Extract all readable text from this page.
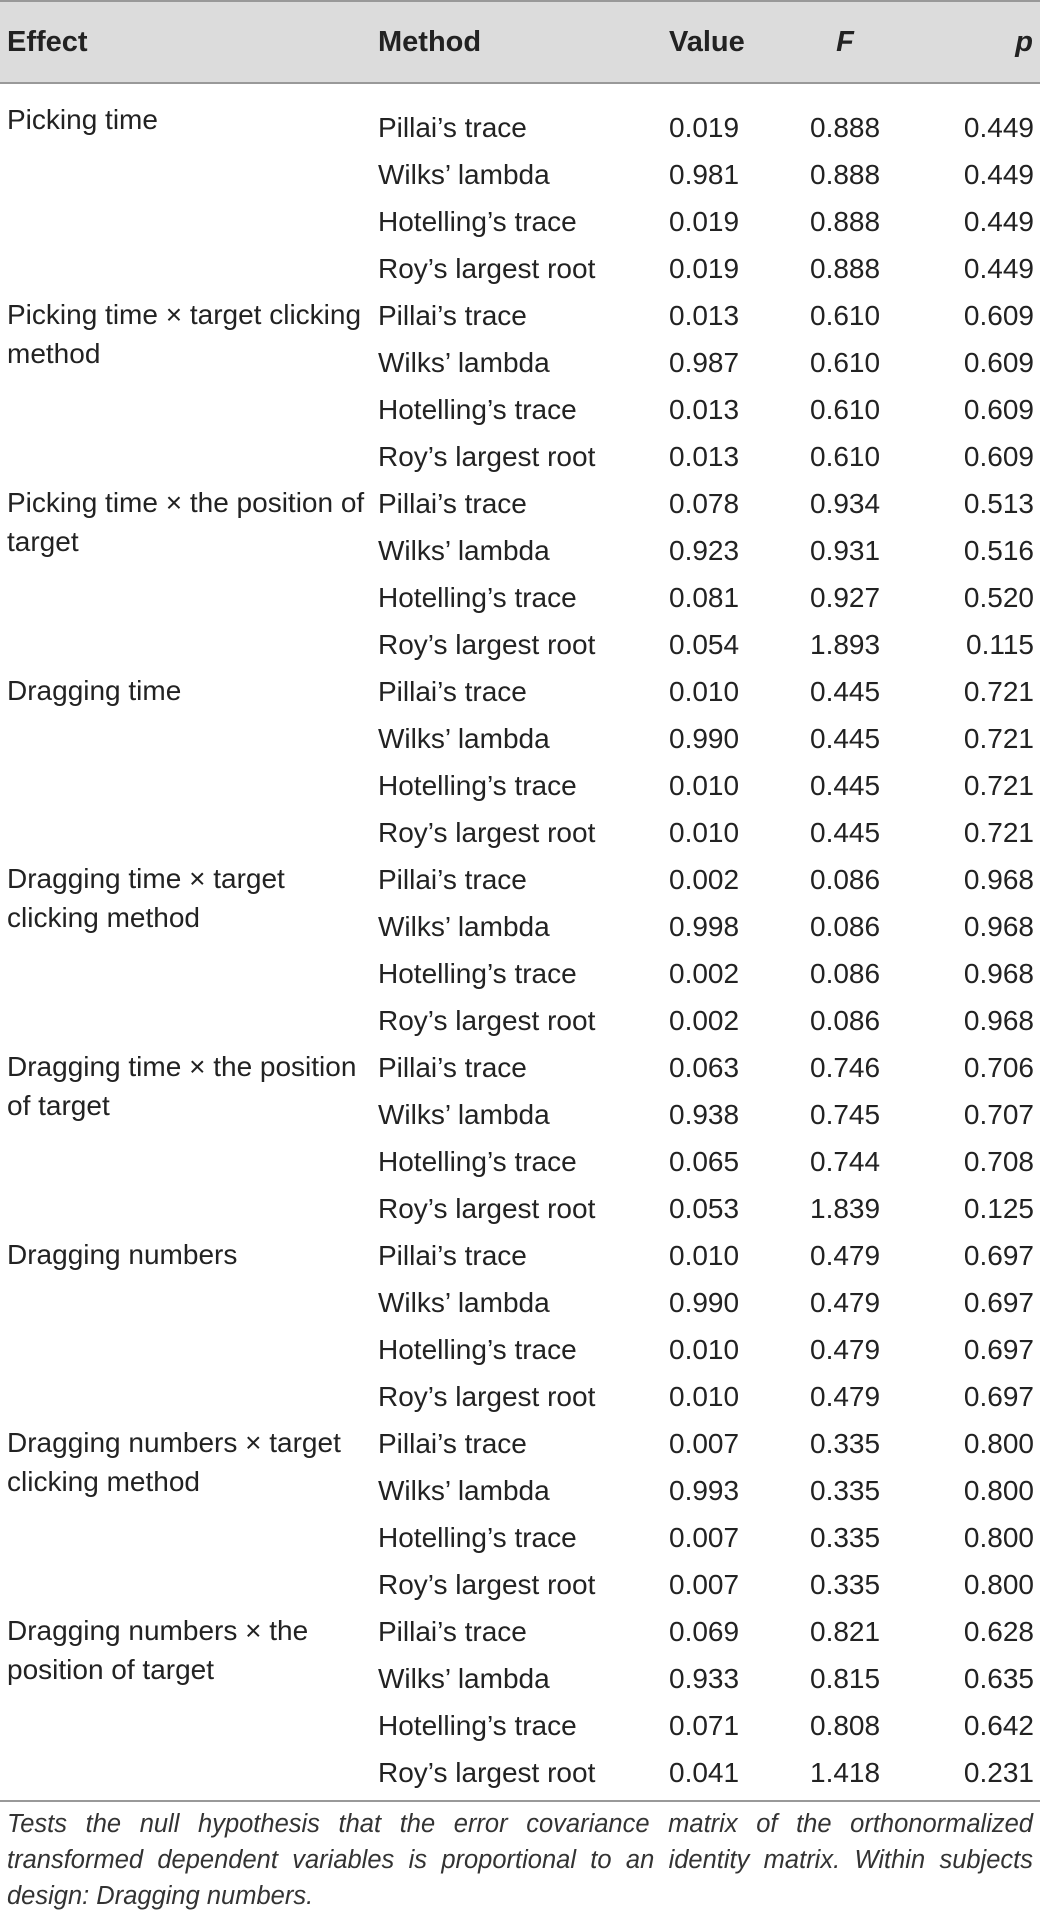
Effect	Method	Value	F	p
Picking time	Pillai’s trace	0.019	0.888	0.449
	Wilks’ lambda	0.981	0.888	0.449
	Hotelling’s trace	0.019	0.888	0.449
	Roy’s largest root	0.019	0.888	0.449
Picking time × target clicking method	Pillai’s trace	0.013	0.610	0.609
	Wilks’ lambda	0.987	0.610	0.609
	Hotelling’s trace	0.013	0.610	0.609
	Roy’s largest root	0.013	0.610	0.609
Picking time × the position of target	Pillai’s trace	0.078	0.934	0.513
	Wilks’ lambda	0.923	0.931	0.516
	Hotelling’s trace	0.081	0.927	0.520
	Roy’s largest root	0.054	1.893	0.115
Dragging time	Pillai’s trace	0.010	0.445	0.721
	Wilks’ lambda	0.990	0.445	0.721
	Hotelling’s trace	0.010	0.445	0.721
	Roy’s largest root	0.010	0.445	0.721
Dragging time × target clicking method	Pillai’s trace	0.002	0.086	0.968
	Wilks’ lambda	0.998	0.086	0.968
	Hotelling’s trace	0.002	0.086	0.968
	Roy’s largest root	0.002	0.086	0.968
Dragging time × the position of target	Pillai’s trace	0.063	0.746	0.706
	Wilks’ lambda	0.938	0.745	0.707
	Hotelling’s trace	0.065	0.744	0.708
	Roy’s largest root	0.053	1.839	0.125
Dragging numbers	Pillai’s trace	0.010	0.479	0.697
	Wilks’ lambda	0.990	0.479	0.697
	Hotelling’s trace	0.010	0.479	0.697
	Roy’s largest root	0.010	0.479	0.697
Dragging numbers × target clicking method	Pillai’s trace	0.007	0.335	0.800
	Wilks’ lambda	0.993	0.335	0.800
	Hotelling’s trace	0.007	0.335	0.800
	Roy’s largest root	0.007	0.335	0.800
Dragging numbers × the position of target	Pillai’s trace	0.069	0.821	0.628
	Wilks’ lambda	0.933	0.815	0.635
	Hotelling’s trace	0.071	0.808	0.642
	Roy’s largest root	0.041	1.418	0.231

Tests the null hypothesis that the error covariance matrix of the orthonormalized transformed dependent variables is proportional to an identity matrix. Within subjects design: Dragging numbers.
